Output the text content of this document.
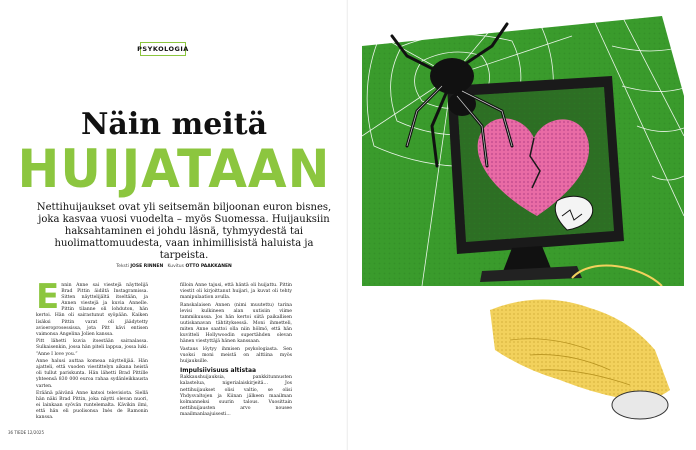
PSYKOLOGIA
Näin meitä
HUIJATAAN
Nettihuijaukset ovat yli seitsemän biljoonan euron bisnes, joka kasvaa vuosi vuodelta – myös Suomessa. Huijauksiin haksahtaminen ei johdu läsnä, tyhmyydestä tai huolimattomuudesta, vaan inhimillisistä haluista ja tarpeista.
Teksti JOSE RINNEN Kuvitus OTTO PAAKKANEN
E nnin Anne sai viestejä näyttelijä Brad Pittin äidiltä Instagramissa. Sitten näyttelijältä itseltään, ja Annen viestejä ja kuvia Annelle. Pittin tilanne oli lohduton, hän kertoi. Hän oli sairastunut syöpään. Kaiken lisäksi Pittin varat oli jäädytetty avioeroprosessissa, jota Pitt kävi entisen vaimonsa Angelina Jolien kanssa.

Pitt lähetti kuvia itsestään sairaalassa. Sulkaisenkin, jossa hän piteli lappua, jossa luki: “Anne I love you.”

Anne halusi auttaa komeaa näyttelijää. Hän ajatteli, että vuoden viestittelyn aikana heistä oli tullut pariskunta. Hän lähetti Brad Pittille yhteensä 830 000 euroa rahaa sydänleikkausta varten.

Eräänä päivänä Anne katsoi televisiota. Siellä hän näki Brad Pittin, joka näytti olevan nuori, ei lainkaan syövän runtelemalta. Kävikin ilmi, että hän eli puolisonsa Inès de Ramonin kanssa.

filloin Anne tajusi, että häntä oli huijattu. Pittin viestit oli kirjoittanut huijari, ja kuvat oli tehty manipulaation avulla.

Ranskalaisen Annen (nimi muutettu) tarina levisi kulkineen alan uutisiin viime tammikuussa. Jos hän kertoi siitä paikallisen uutiskanavan tähtityksessä. Moni ihmetteli, miten Anne saattoi olla niin hölmö, että hän kuvitteli Hollywoodin supertähden olevan hänen viestyttäjä hänen kanssaan.

Vastaus löytyy ihmisen psykologiasta. Sen vuoksi moni meistä on alttiina myös huijauksille.

Impulsiivisuus altistaa

Rakkaushuijauksia, pankkitunnusten kalastelua, nigerialaiskirjeitä... Jos nettihuijaukset olisi valtio, se olisi Yhdysvaltojen ja Kiinan jälkeen maailman kolmanneksi suurin talous. Vuosittain nettihuijausten arvo nousee maailmanlaajuisesti...

36 TIEDE 12/2025
